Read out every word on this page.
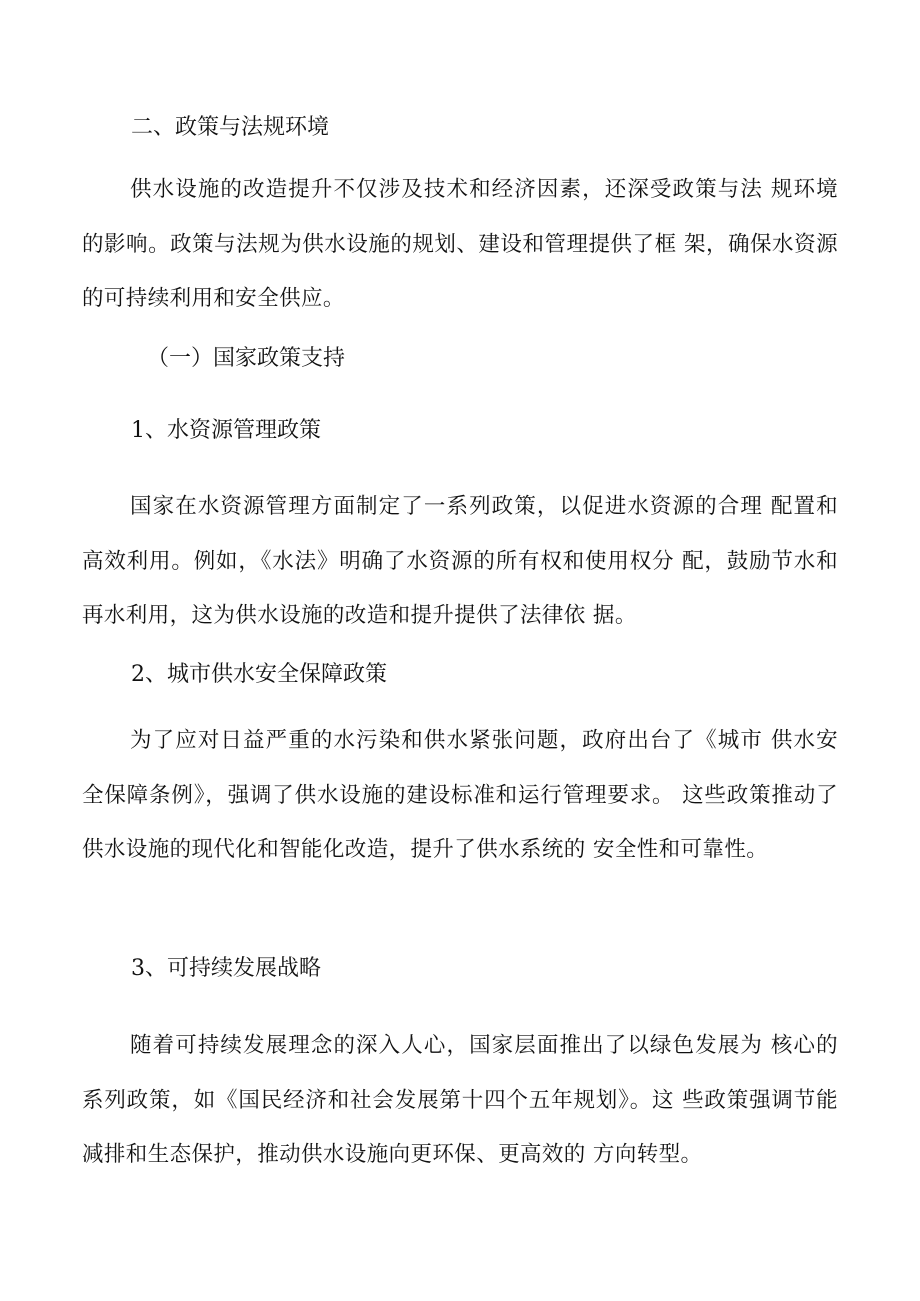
二、政策与法规环境

供水设施的改造提升不仅涉及技术和经济因素，还深受政策与法 规环境的影响。政策与法规为供水设施的规划、建设和管理提供了框 架，确保水资源的可持续利用和安全供应。

（一）国家政策支持
1、水资源管理政策

国家在水资源管理方面制定了一系列政策，以促进水资源的合理 配置和高效利用。例如，《水法》明确了水资源的所有权和使用权分 配，鼓励节水和再水利用，这为供水设施的改造和提升提供了法律依 据。

2、城市供水安全保障政策

为了应对日益严重的水污染和供水紧张问题，政府出台了《城市 供水安全保障条例》，强调了供水设施的建设标准和运行管理要求。 这些政策推动了供水设施的现代化和智能化改造，提升了供水系统的 安全性和可靠性。

3、可持续发展战略

随着可持续发展理念的深入人心，国家层面推出了以绿色发展为 核心的系列政策，如《国民经济和社会发展第十四个五年规划》。这 些政策强调节能减排和生态保护，推动供水设施向更环保、更高效的 方向转型。
